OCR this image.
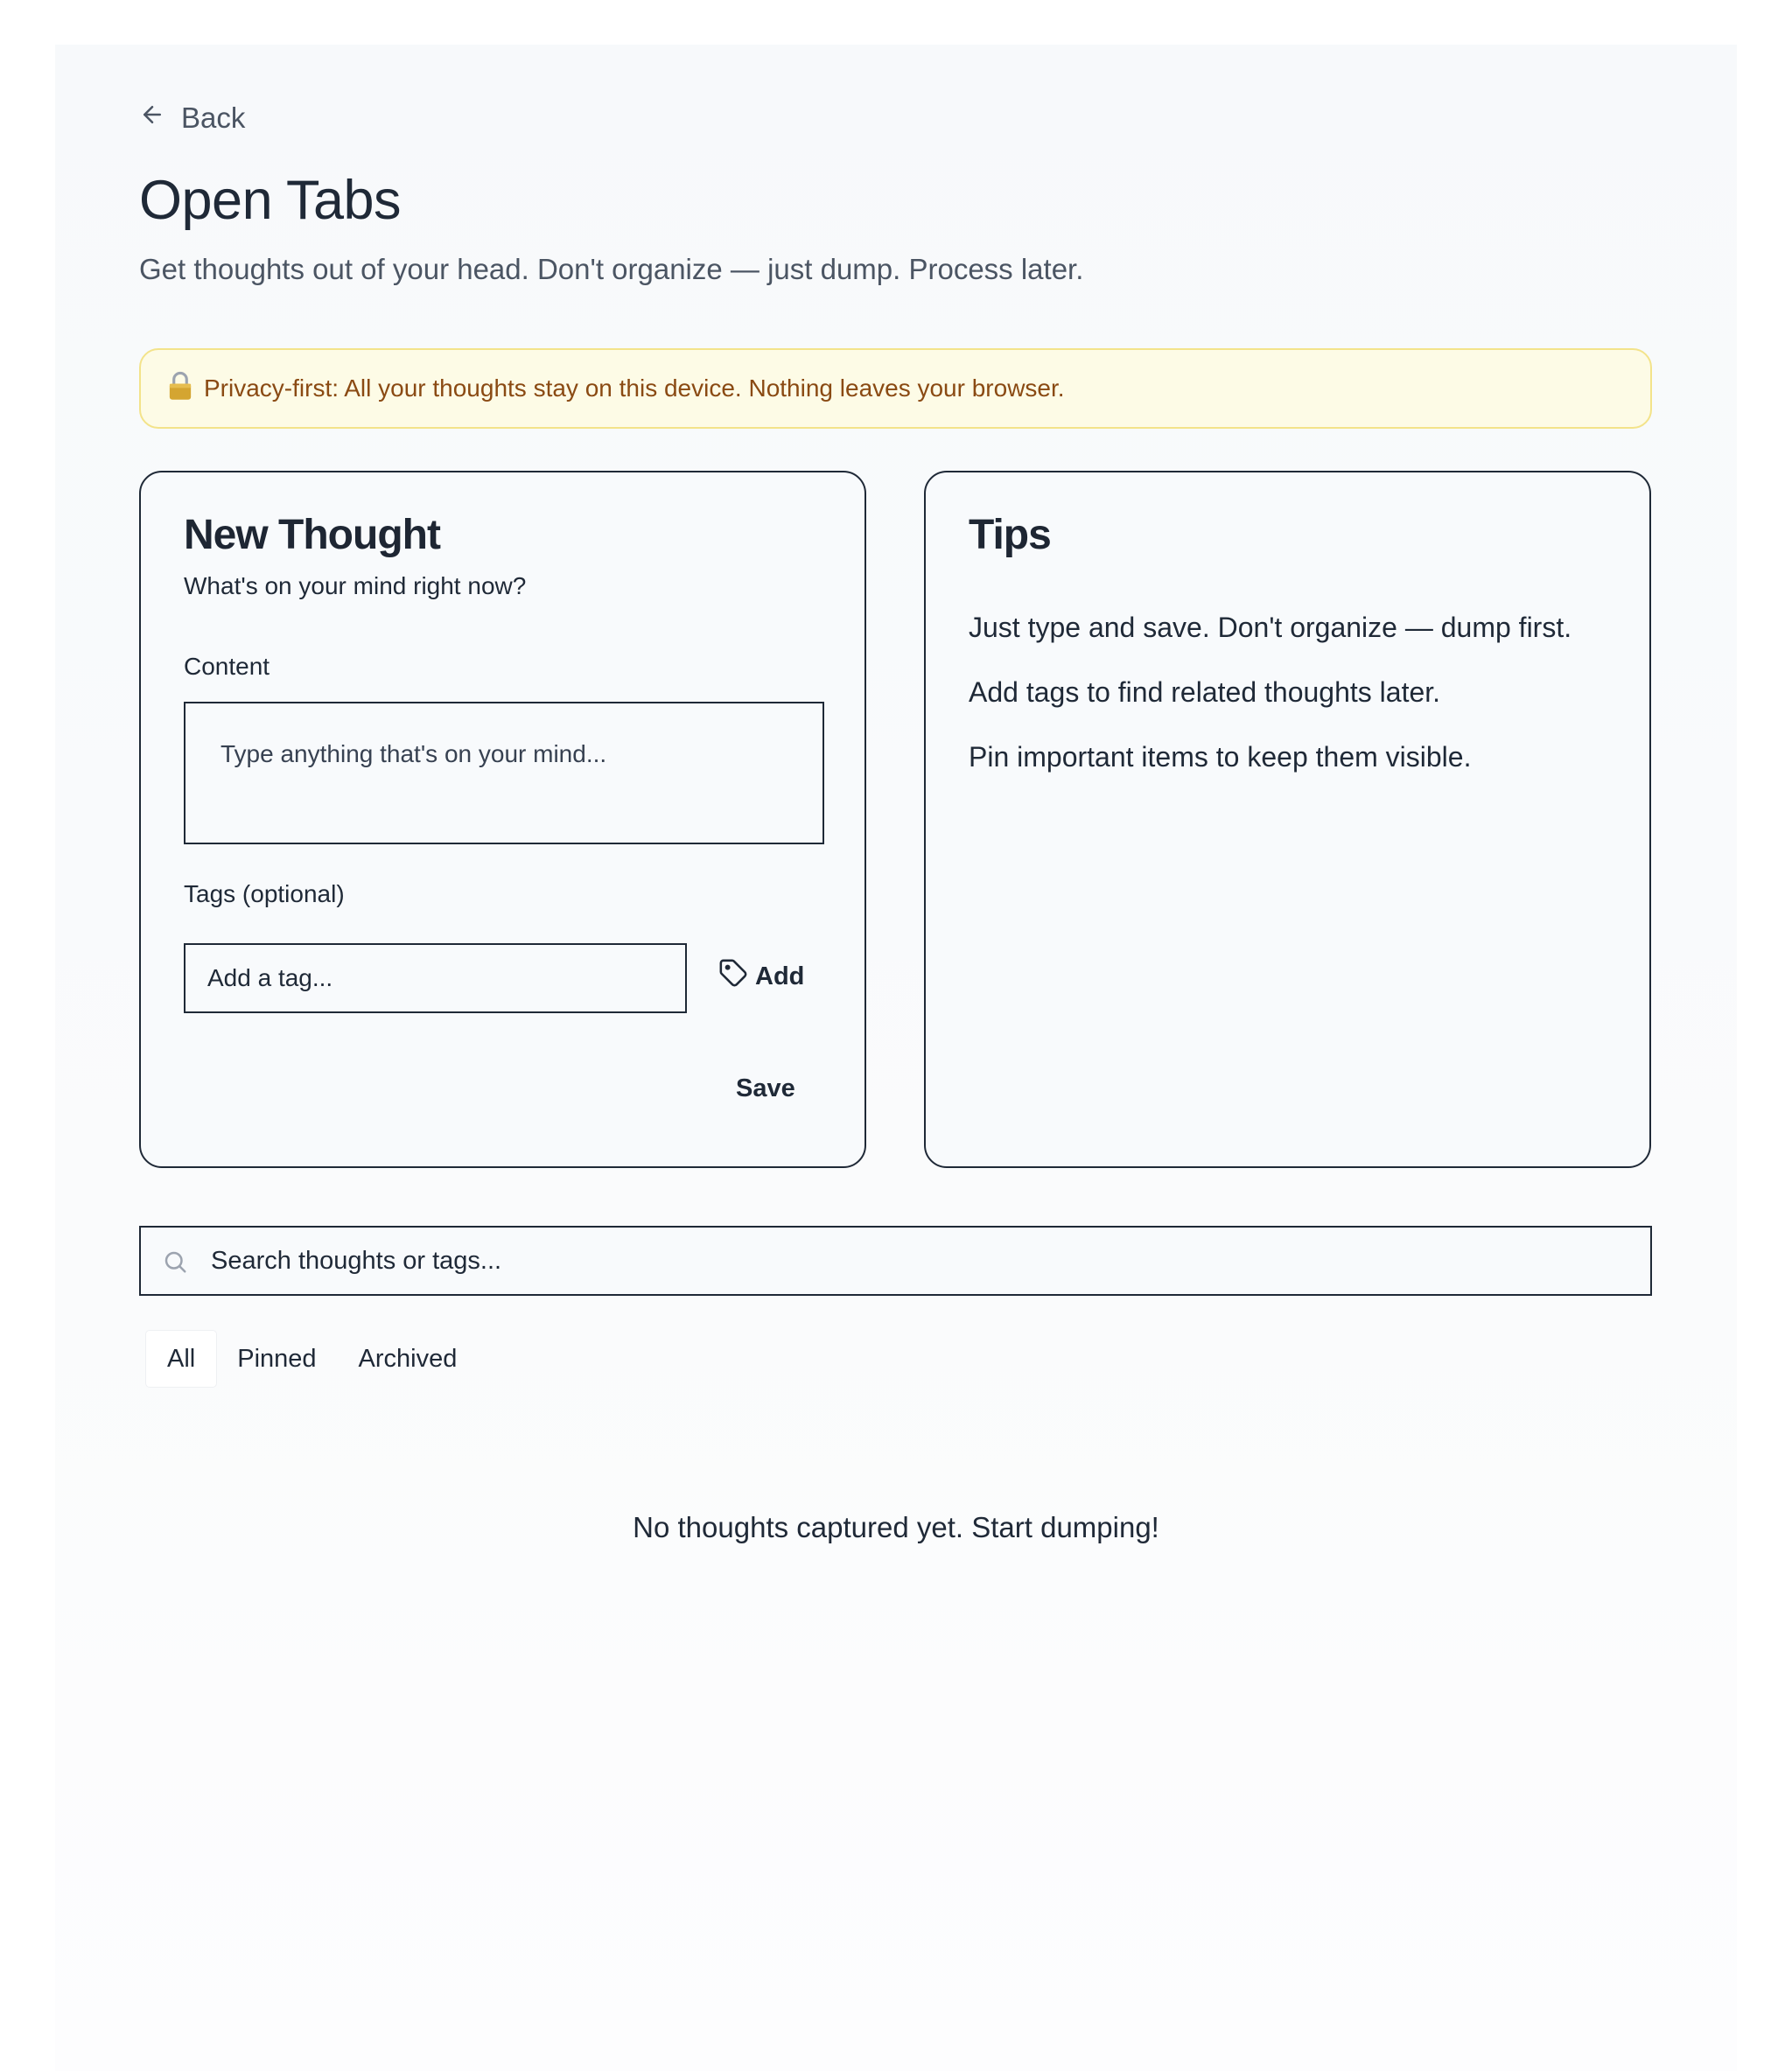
Back
Open Tabs

Get thoughts out of your head. Don't organize — just dump. Process later.

Privacy-first: All your thoughts stay on this device. Nothing leaves your browser.
New Thought

What's on your mind right now?

Content
Type anything that's on your mind...
Tags (optional)
Add a tag...
Add
Save
Tips
Just type and save. Don't organize — dump first.
Add tags to find related thoughts later.
Pin important items to keep them visible.
Search thoughts or tags...
All	Pinned	Archived

No thoughts captured yet. Start dumping!
